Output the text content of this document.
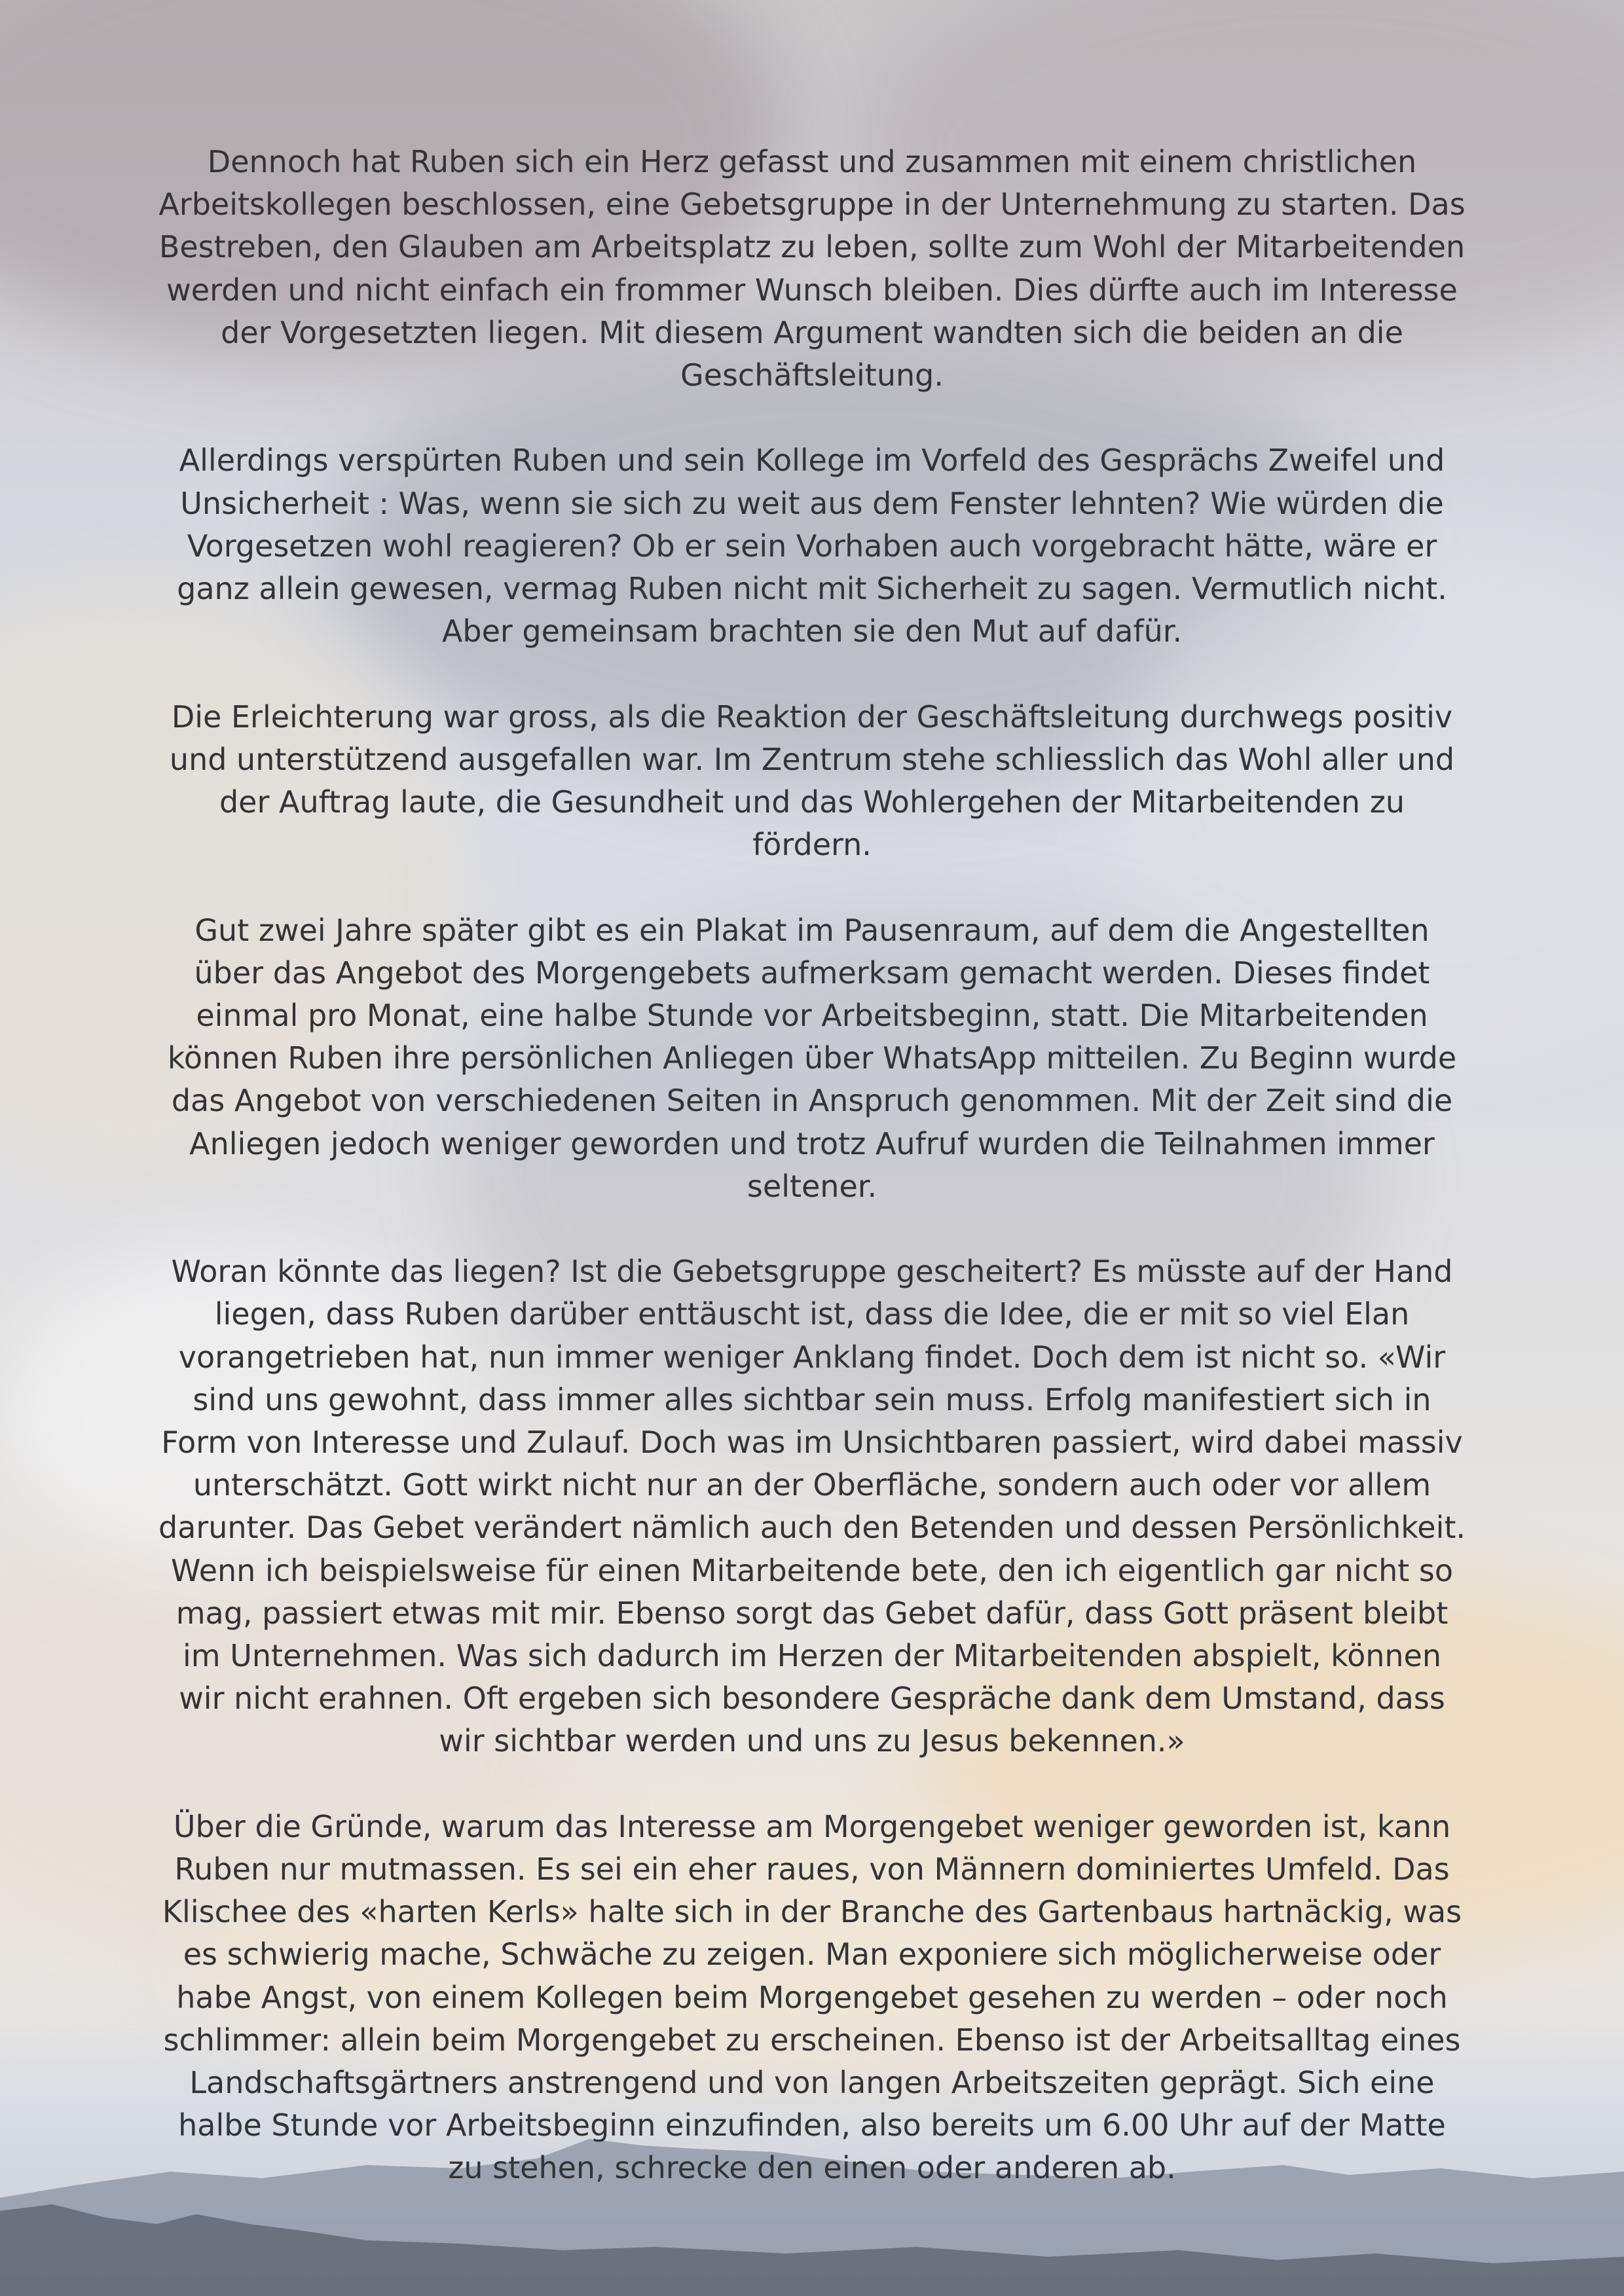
Dennoch hat Ruben sich ein Herz gefasst und zusammen mit einem christlichen Arbeitskollegen beschlossen, eine Gebetsgruppe in der Unternehmung zu starten. Das Bestreben, den Glauben am Arbeitsplatz zu leben, sollte zum Wohl der Mitarbeitenden werden und nicht einfach ein frommer Wunsch bleiben. Dies dürfte auch im Interesse der Vorgesetzten liegen. Mit diesem Argument wandten sich die beiden an die Geschäftsleitung.

Allerdings verspürten Ruben und sein Kollege im Vorfeld des Gesprächs Zweifel und Unsicherheit : Was, wenn sie sich zu weit aus dem Fenster lehnten? Wie würden die Vorgesetzen wohl reagieren? Ob er sein Vorhaben auch vorgebracht hätte, wäre er ganz allein gewesen, vermag Ruben nicht mit Sicherheit zu sagen. Vermutlich nicht. Aber gemeinsam brachten sie den Mut auf dafür.

Die Erleichterung war gross, als die Reaktion der Geschäftsleitung durchwegs positiv und unterstützend ausgefallen war. Im Zentrum stehe schliesslich das Wohl aller und der Auftrag laute, die Gesundheit und das Wohlergehen der Mitarbeitenden zu fördern.

Gut zwei Jahre später gibt es ein Plakat im Pausenraum, auf dem die Angestellten über das Angebot des Morgengebets aufmerksam gemacht werden. Dieses findet einmal pro Monat, eine halbe Stunde vor Arbeitsbeginn, statt. Die Mitarbeitenden können Ruben ihre persönlichen Anliegen über WhatsApp mitteilen. Zu Beginn wurde das Angebot von verschiedenen Seiten in Anspruch genommen. Mit der Zeit sind die Anliegen jedoch weniger geworden und trotz Aufruf wurden die Teilnahmen immer seltener.

Woran könnte das liegen? Ist die Gebetsgruppe gescheitert? Es müsste auf der Hand liegen, dass Ruben darüber enttäuscht ist, dass die Idee, die er mit so viel Elan vorangetrieben hat, nun immer weniger Anklang findet. Doch dem ist nicht so. «Wir sind uns gewohnt, dass immer alles sichtbar sein muss. Erfolg manifestiert sich in Form von Interesse und Zulauf. Doch was im Unsichtbaren passiert, wird dabei massiv unterschätzt. Gott wirkt nicht nur an der Oberfläche, sondern auch oder vor allem darunter. Das Gebet verändert nämlich auch den Betenden und dessen Persönlichkeit. Wenn ich beispielsweise für einen Mitarbeitende bete, den ich eigentlich gar nicht so mag, passiert etwas mit mir. Ebenso sorgt das Gebet dafür, dass Gott präsent bleibt im Unternehmen. Was sich dadurch im Herzen der Mitarbeitenden abspielt, können wir nicht erahnen. Oft ergeben sich besondere Gespräche dank dem Umstand, dass wir sichtbar werden und uns zu Jesus bekennen.»

Über die Gründe, warum das Interesse am Morgengebet weniger geworden ist, kann Ruben nur mutmassen. Es sei ein eher raues, von Männern dominiertes Umfeld. Das Klischee des «harten Kerls» halte sich in der Branche des Gartenbaus hartnäckig, was es schwierig mache, Schwäche zu zeigen. Man exponiere sich möglicherweise oder habe Angst, von einem Kollegen beim Morgengebet gesehen zu werden – oder noch schlimmer: allein beim Morgengebet zu erscheinen. Ebenso ist der Arbeitsalltag eines Landschaftsgärtners anstrengend und von langen Arbeitszeiten geprägt. Sich eine halbe Stunde vor Arbeitsbeginn einzufinden, also bereits um 6.00 Uhr auf der Matte zu stehen, schrecke den einen oder anderen ab.
